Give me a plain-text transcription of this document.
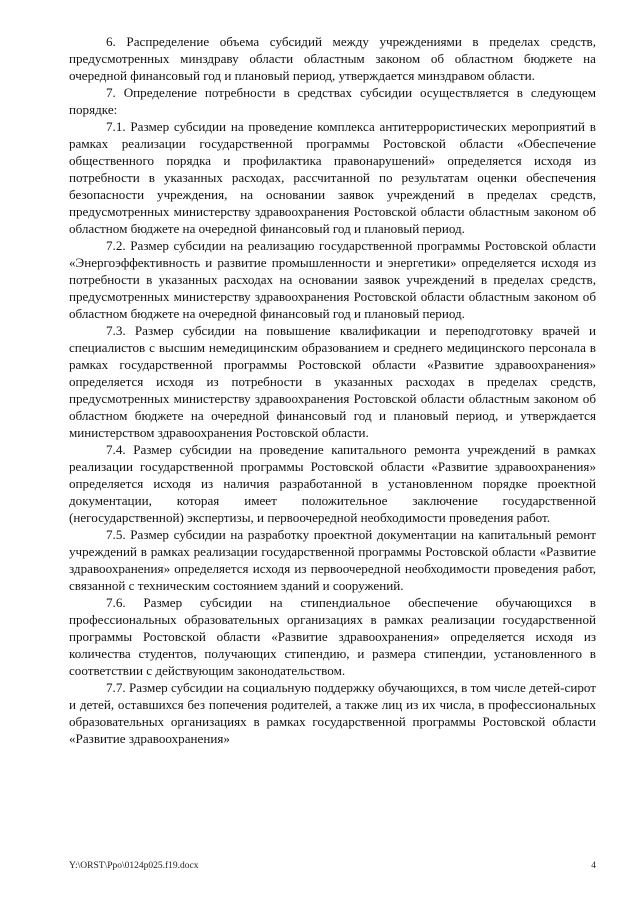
6. Распределение объема субсидий между учреждениями в пределах средств, предусмотренных минздраву области областным законом об областном бюджете на очередной финансовый год и плановый период, утверждается минздравом области.

7. Определение потребности в средствах субсидии осуществляется в следующем порядке:

7.1. Размер субсидии на проведение комплекса антитеррористических мероприятий в рамках реализации государственной программы Ростовской области «Обеспечение общественного порядка и профилактика правонарушений» определяется исходя из потребности в указанных расходах, рассчитанной по результатам оценки обеспечения безопасности учреждения, на основании заявок учреждений в пределах средств, предусмотренных министерству здравоохранения Ростовской области областным законом об областном бюджете на очередной финансовый год и плановый период.

7.2. Размер субсидии на реализацию государственной программы Ростовской области «Энергоэффективность и развитие промышленности и энергетики» определяется исходя из потребности в указанных расходах на основании заявок учреждений в пределах средств, предусмотренных министерству здравоохранения Ростовской области областным законом об областном бюджете на очередной финансовый год и плановый период.

7.3. Размер субсидии на повышение квалификации и переподготовку врачей и специалистов с высшим немедицинским образованием и среднего медицинского персонала в рамках государственной программы Ростовской области «Развитие здравоохранения» определяется исходя из потребности в указанных расходах в пределах средств, предусмотренных министерству здравоохранения Ростовской области областным законом об областном бюджете на очередной финансовый год и плановый период, и утверждается министерством здравоохранения Ростовской области.

7.4. Размер субсидии на проведение капитального ремонта учреждений в рамках реализации государственной программы Ростовской области «Развитие здравоохранения» определяется исходя из наличия разработанной в установленном порядке проектной документации, которая имеет положительное заключение государственной (негосударственной) экспертизы, и первоочередной необходимости проведения работ.

7.5. Размер субсидии на разработку проектной документации на капитальный ремонт учреждений в рамках реализации государственной программы Ростовской области «Развитие здравоохранения» определяется исходя из первоочередной необходимости проведения работ, связанной с техническим состоянием зданий и сооружений.

7.6. Размер субсидии на стипендиальное обеспечение обучающихся в профессиональных образовательных организациях в рамках реализации государственной программы Ростовской области «Развитие здравоохранения» определяется исходя из количества студентов, получающих стипендию, и размера стипендии, установленного в соответствии с действующим законодательством.

7.7. Размер субсидии на социальную поддержку обучающихся, в том числе детей-сирот и детей, оставшихся без попечения родителей, а также лиц из их числа, в профессиональных образовательных организациях в рамках государственной программы Ростовской области «Развитие здравоохранения»

Y:\ORST\Ppo\0124p025.f19.docx	4
